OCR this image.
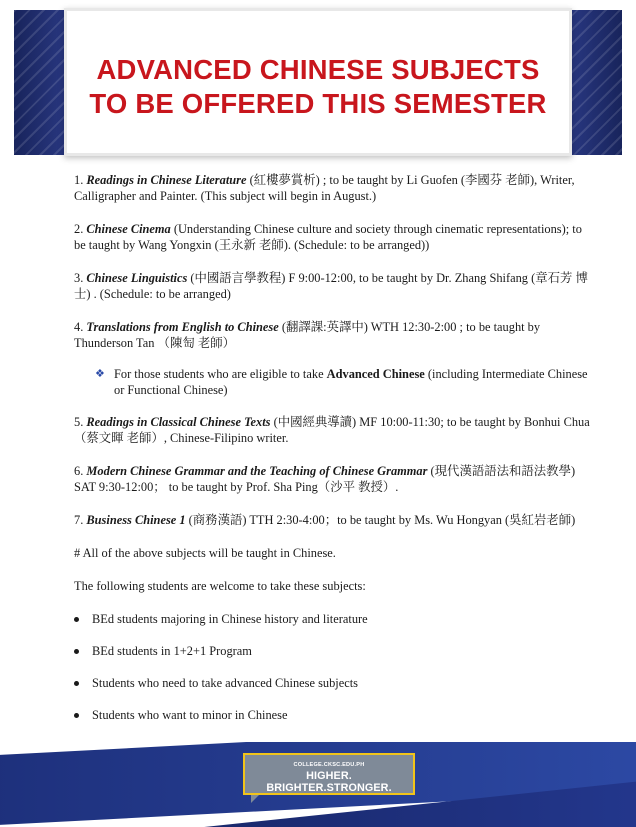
ADVANCED CHINESE SUBJECTS
TO BE OFFERED THIS SEMESTER
1. Readings in Chinese Literature (紅樓夢賞析) ; to be taught by Li Guofen (李國芬 老師), Writer, Calligrapher and Painter. (This subject will begin in August.)
2. Chinese Cinema (Understanding Chinese culture and society through cinematic representations); to be taught by Wang Yongxin (王永新 老師). (Schedule: to be arranged))
3. Chinese Linguistics (中國語言學教程) F 9:00-12:00, to be taught by Dr. Zhang Shifang (章石芳 博士) . (Schedule: to be arranged)
4. Translations from English to Chinese (翻譯課:英譯中) WTH 12:30-2:00 ; to be taught by Thunderson Tan （陳匋 老師）
❖ For those students who are eligible to take Advanced Chinese (including Intermediate Chinese or Functional Chinese)
5. Readings in Classical Chinese Texts (中國經典導讀) MF 10:00-11:30; to be taught by Bonhui Chua （蔡文暉 老師）, Chinese-Filipino writer.
6. Modern Chinese Grammar and the Teaching of Chinese Grammar (現代漢語語法和語法教學) SAT 9:30-12:00； to be taught by Prof. Sha Ping（沙平 教授）.
7. Business Chinese 1 (商務漢語) TTH 2:30-4:00；to be taught by Ms. Wu Hongyan (吳紅岩老師)
# All of the above subjects will be taught in Chinese.
The following students are welcome to take these subjects:
BEd students majoring in Chinese history and literature
BEd students in 1+2+1 Program
Students who need to take advanced Chinese subjects
Students who want to minor in Chinese
COLLEGE.CKSC.EDU.PH
HIGHER. BRIGHTER.STRONGER.
